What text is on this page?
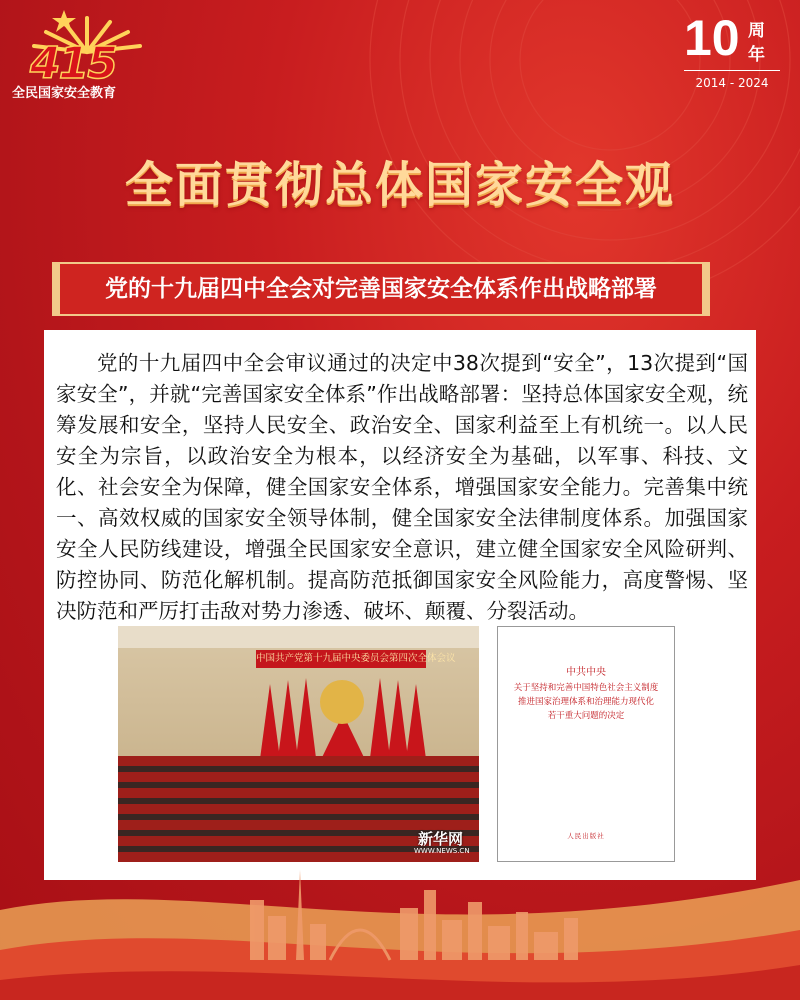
415
全民国家安全教育
10 周
年
2014 - 2024
全面贯彻总体国家安全观
党的十九届四中全会对完善国家安全体系作出战略部署
党的十九届四中全会审议通过的决定中38次提到“安全”，13次提到“国家安全”，并就“完善国家安全体系”作出战略部署：坚持总体国家安全观，统筹发展和安全，坚持人民安全、政治安全、国家利益至上有机统一。以人民安全为宗旨，以政治安全为根本，以经济安全为基础，以军事、科技、文化、社会安全为保障，健全国家安全体系，增强国家安全能力。完善集中统一、高效权威的国家安全领导体制，健全国家安全法律制度体系。加强国家安全人民防线建设，增强全民国家安全意识，建立健全国家安全风险研判、防控协同、防范化解机制。提高防范抵御国家安全风险能力，高度警惕、坚决防范和严厉打击敌对势力渗透、破坏、颠覆、分裂活动。
中国共产党第十九届中央委员会第四次全体会议
新华网
WWW.NEWS.CN
中共中央
关于坚持和完善中国特色社会主义制度
推进国家治理体系和治理能力现代化
若干重大问题的决定
人民出版社
